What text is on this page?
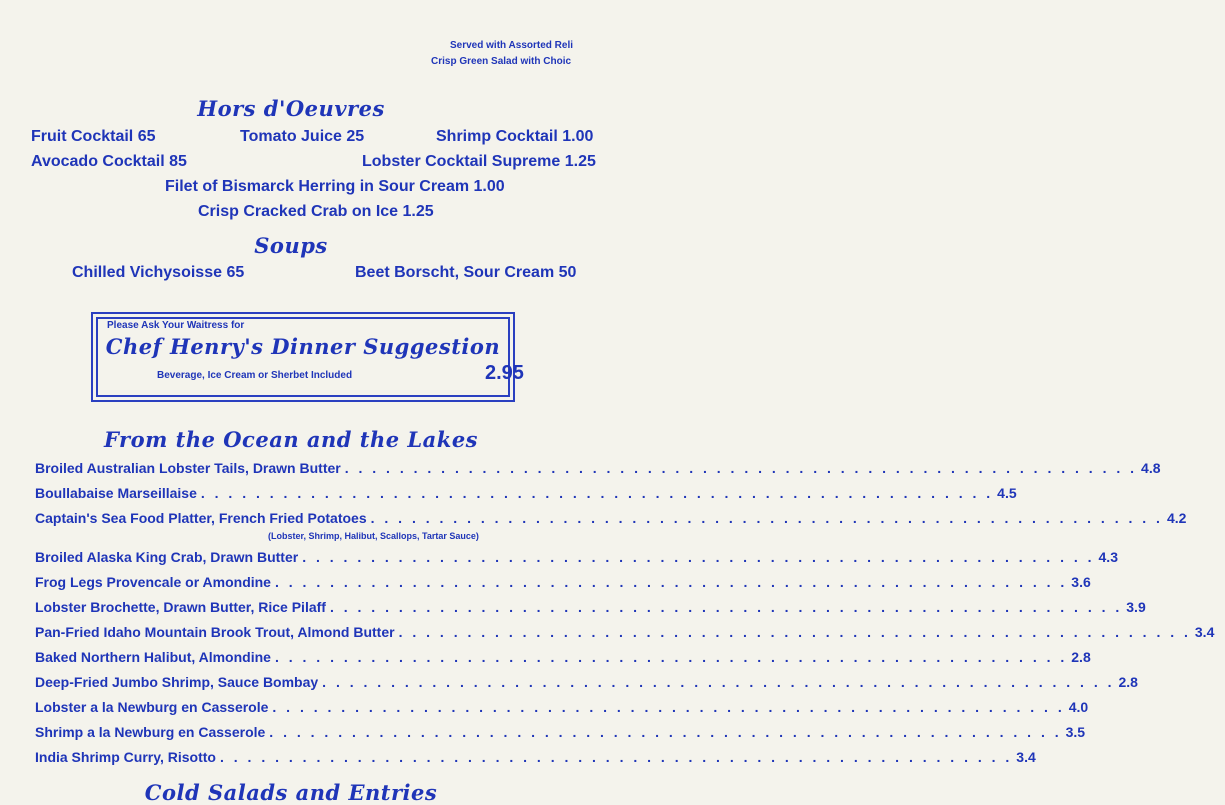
Served with Assorted Reli
Crisp Green Salad with Choic
Hors d'Oeuvres
Fruit Cocktail 65	Tomato Juice 25	Shrimp Cocktail 1.00
Avocado Cocktail 85	Lobster Cocktail Supreme 1.25
Filet of Bismarck Herring in Sour Cream 1.00
Crisp Cracked Crab on Ice 1.25
Soups
Chilled Vichysoisse 65	Beet Borscht, Sour Cream 50
Please Ask Your Waitress for
Chef Henry's Dinner Suggestion
Beverage, Ice Cream or Sherbet Included	2.95
From the Ocean and the Lakes
Broiled Australian Lobster Tails, Drawn Butter . . .	4.8
Boullabaise Marseillaise . . .	4.5
Captain's Sea Food Platter, French Fried Potatoes . . .	4.2
(Lobster, Shrimp, Halibut, Scallops, Tartar Sauce)
Broiled Alaska King Crab, Drawn Butter . . .	4.3
Frog Legs Provencale or Amondine . . .	3.6
Lobster Brochette, Drawn Butter, Rice Pilaff . . .	3.9
Pan-Fried Idaho Mountain Brook Trout, Almond Butter . . .	3.4
Baked Northern Halibut, Almondine . . .	2.8
Deep-Fried Jumbo Shrimp, Sauce Bombay . . .	2.8
Lobster a la Newburg en Casserole . . .	4.0
Shrimp a la Newburg en Casserole . . .	3.5
India Shrimp Curry, Risotto . . .	3.4
Cold Salads and Entries
